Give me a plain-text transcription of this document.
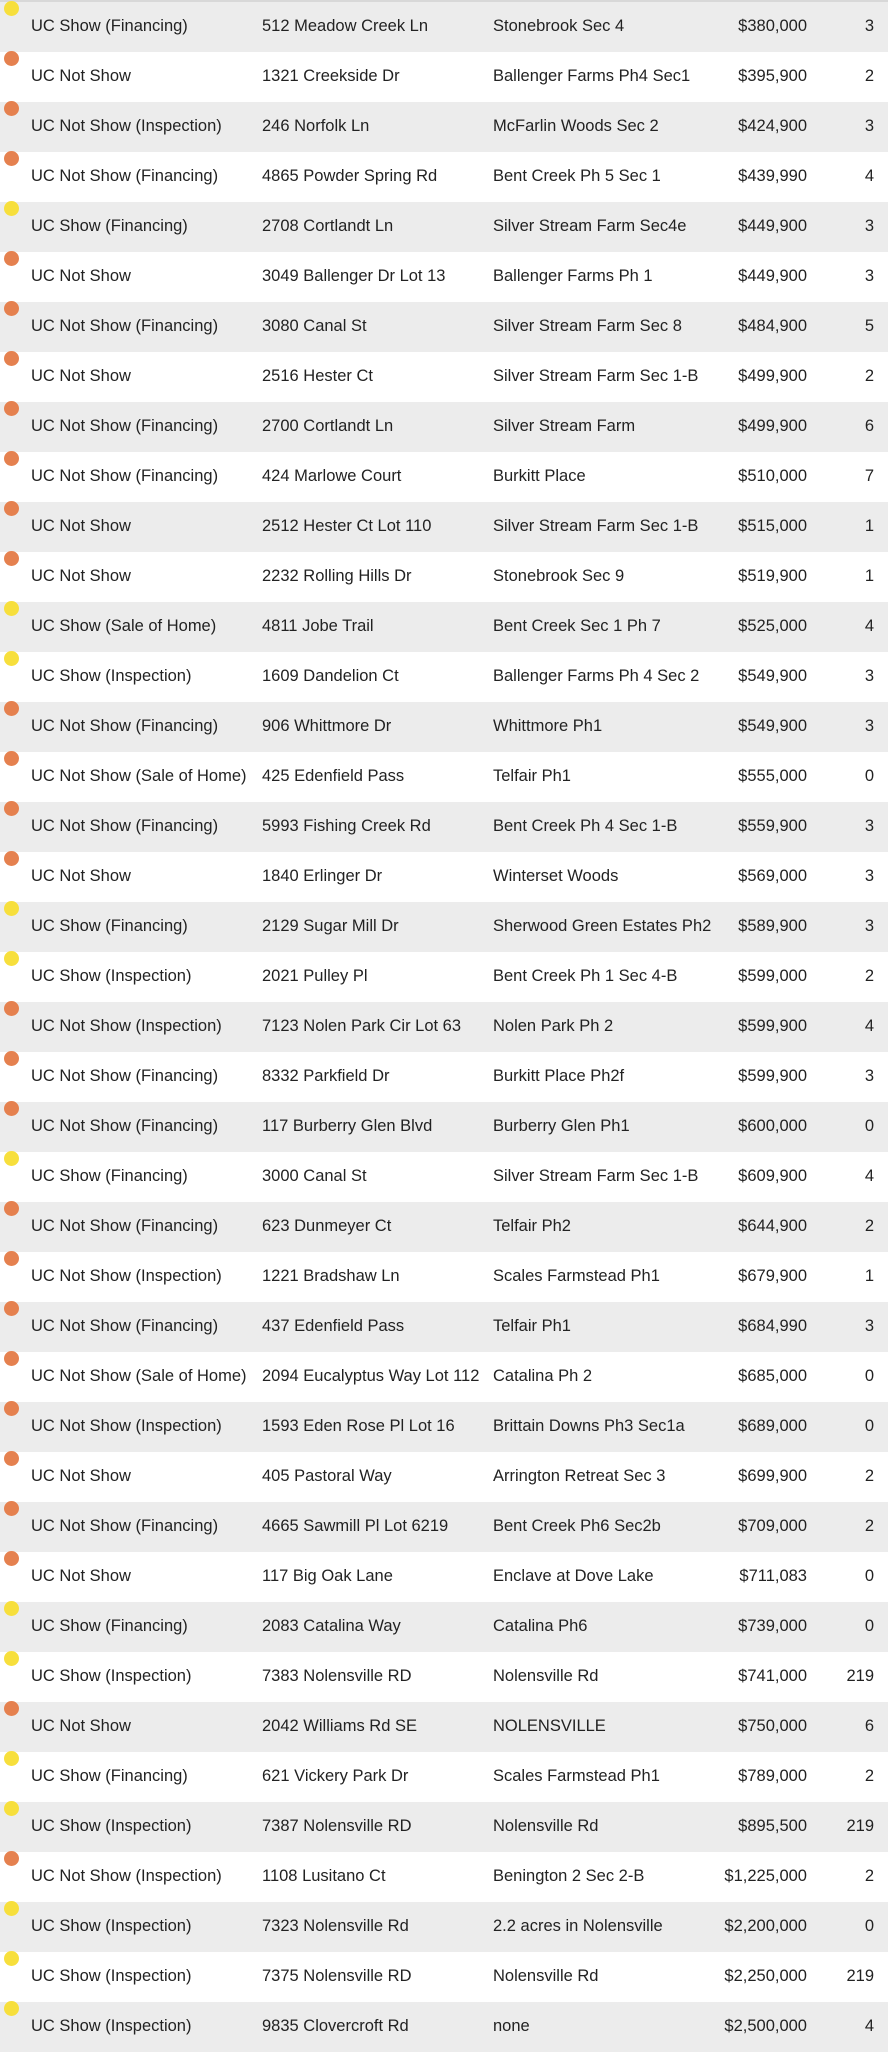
UC Show (Financing)	512 Meadow Creek Ln	Stonebrook Sec 4	$380,000	3
UC Not Show	1321 Creekside Dr	Ballenger Farms Ph4 Sec1	$395,900	2
UC Not Show (Inspection) 246 Norfolk Ln	McFarlin Woods Sec 2	$424,900	3
UC Not Show (Financing)	4865 Powder Spring Rd	Bent Creek Ph 5 Sec 1	$439,990	4
UC Show (Financing)	2708 Cortlandt Ln	Silver Stream Farm Sec4e	$449,900	3
UC Not Show	3049 Ballenger Dr Lot 13	Ballenger Farms Ph 1	$449,900	3
UC Not Show (Financing)	3080 Canal St	Silver Stream Farm Sec 8	$484,900	5
UC Not Show	2516 Hester Ct	Silver Stream Farm Sec 1-B $499,900	2
UC Not Show (Financing)	2700 Cortlandt Ln	Silver Stream Farm	$499,900	6
UC Not Show (Financing)	424 Marlowe Court	Burkitt Place	$510,000	7
UC Not Show	2512 Hester Ct Lot 110	Silver Stream Farm Sec 1-B $515,000	1
UC Not Show	2232 Rolling Hills Dr	Stonebrook Sec 9	$519,900	1
UC Show (Sale of Home)	4811 Jobe Trail	Bent Creek Sec 1 Ph 7	$525,000	4
UC Show (Inspection)	1609 Dandelion Ct	Ballenger Farms Ph 4 Sec 2 $549,900	3
UC Not Show (Financing)	906 Whittmore Dr	Whittmore Ph1	$549,900	3
UC Not Show (Sale of Home) 425 Edenfield Pass	Telfair Ph1	$555,000	0
UC Not Show (Financing)	5993 Fishing Creek Rd	Bent Creek Ph 4 Sec 1-B	$559,900	3
UC Not Show	1840 Erlinger Dr	Winterset Woods	$569,000	3
UC Show (Financing)	2129 Sugar Mill Dr	Sherwood Green Estates Ph2 $589,900	3
UC Show (Inspection)	2021 Pulley Pl	Bent Creek Ph 1 Sec 4-B	$599,000	2
UC Not Show (Inspection) 7123 Nolen Park Cir Lot 63 Nolen Park Ph 2	$599,900	4
UC Not Show (Financing)	8332 Parkfield Dr	Burkitt Place Ph2f	$599,900	3
UC Not Show (Financing)	117 Burberry Glen Blvd	Burberry Glen Ph1	$600,000	0
UC Show (Financing)	3000 Canal St	Silver Stream Farm Sec 1-B $609,900	4
UC Not Show (Financing)	623 Dunmeyer Ct	Telfair Ph2	$644,900	2
UC Not Show (Inspection) 1221 Bradshaw Ln	Scales Farmstead Ph1	$679,900	1
UC Not Show (Financing)	437 Edenfield Pass	Telfair Ph1	$684,990	3
UC Not Show (Sale of Home) 2094 Eucalyptus Way Lot 112 Catalina Ph 2	$685,000	0
UC Not Show (Inspection) 1593 Eden Rose Pl Lot 16 Brittain Downs Ph3 Sec1a	$689,000	0
UC Not Show	405 Pastoral Way	Arrington Retreat Sec 3	$699,900	2
UC Not Show (Financing)	4665 Sawmill Pl Lot 6219	Bent Creek Ph6 Sec2b	$709,000	2
UC Not Show	117 Big Oak Lane	Enclave at Dove Lake	$711,083	0
UC Show (Financing)	2083 Catalina Way	Catalina Ph6	$739,000	0
UC Show (Inspection)	7383 Nolensville RD	Nolensville Rd	$741,000 219
UC Not Show	2042 Williams Rd SE	NOLENSVILLE	$750,000	6
UC Show (Financing)	621 Vickery Park Dr	Scales Farmstead Ph1	$789,000	2
UC Show (Inspection)	7387 Nolensville RD	Nolensville Rd	$895,500 219
UC Not Show (Inspection) 1108 Lusitano Ct	Benington 2 Sec 2-B	$1,225,000	2
UC Show (Inspection)	7323 Nolensville Rd	2.2 acres in Nolensville	$2,200,000	0
UC Show (Inspection)	7375 Nolensville RD	Nolensville Rd	$2,250,000 219
UC Show (Inspection)	9835 Clovercroft Rd	none	$2,500,000	4
